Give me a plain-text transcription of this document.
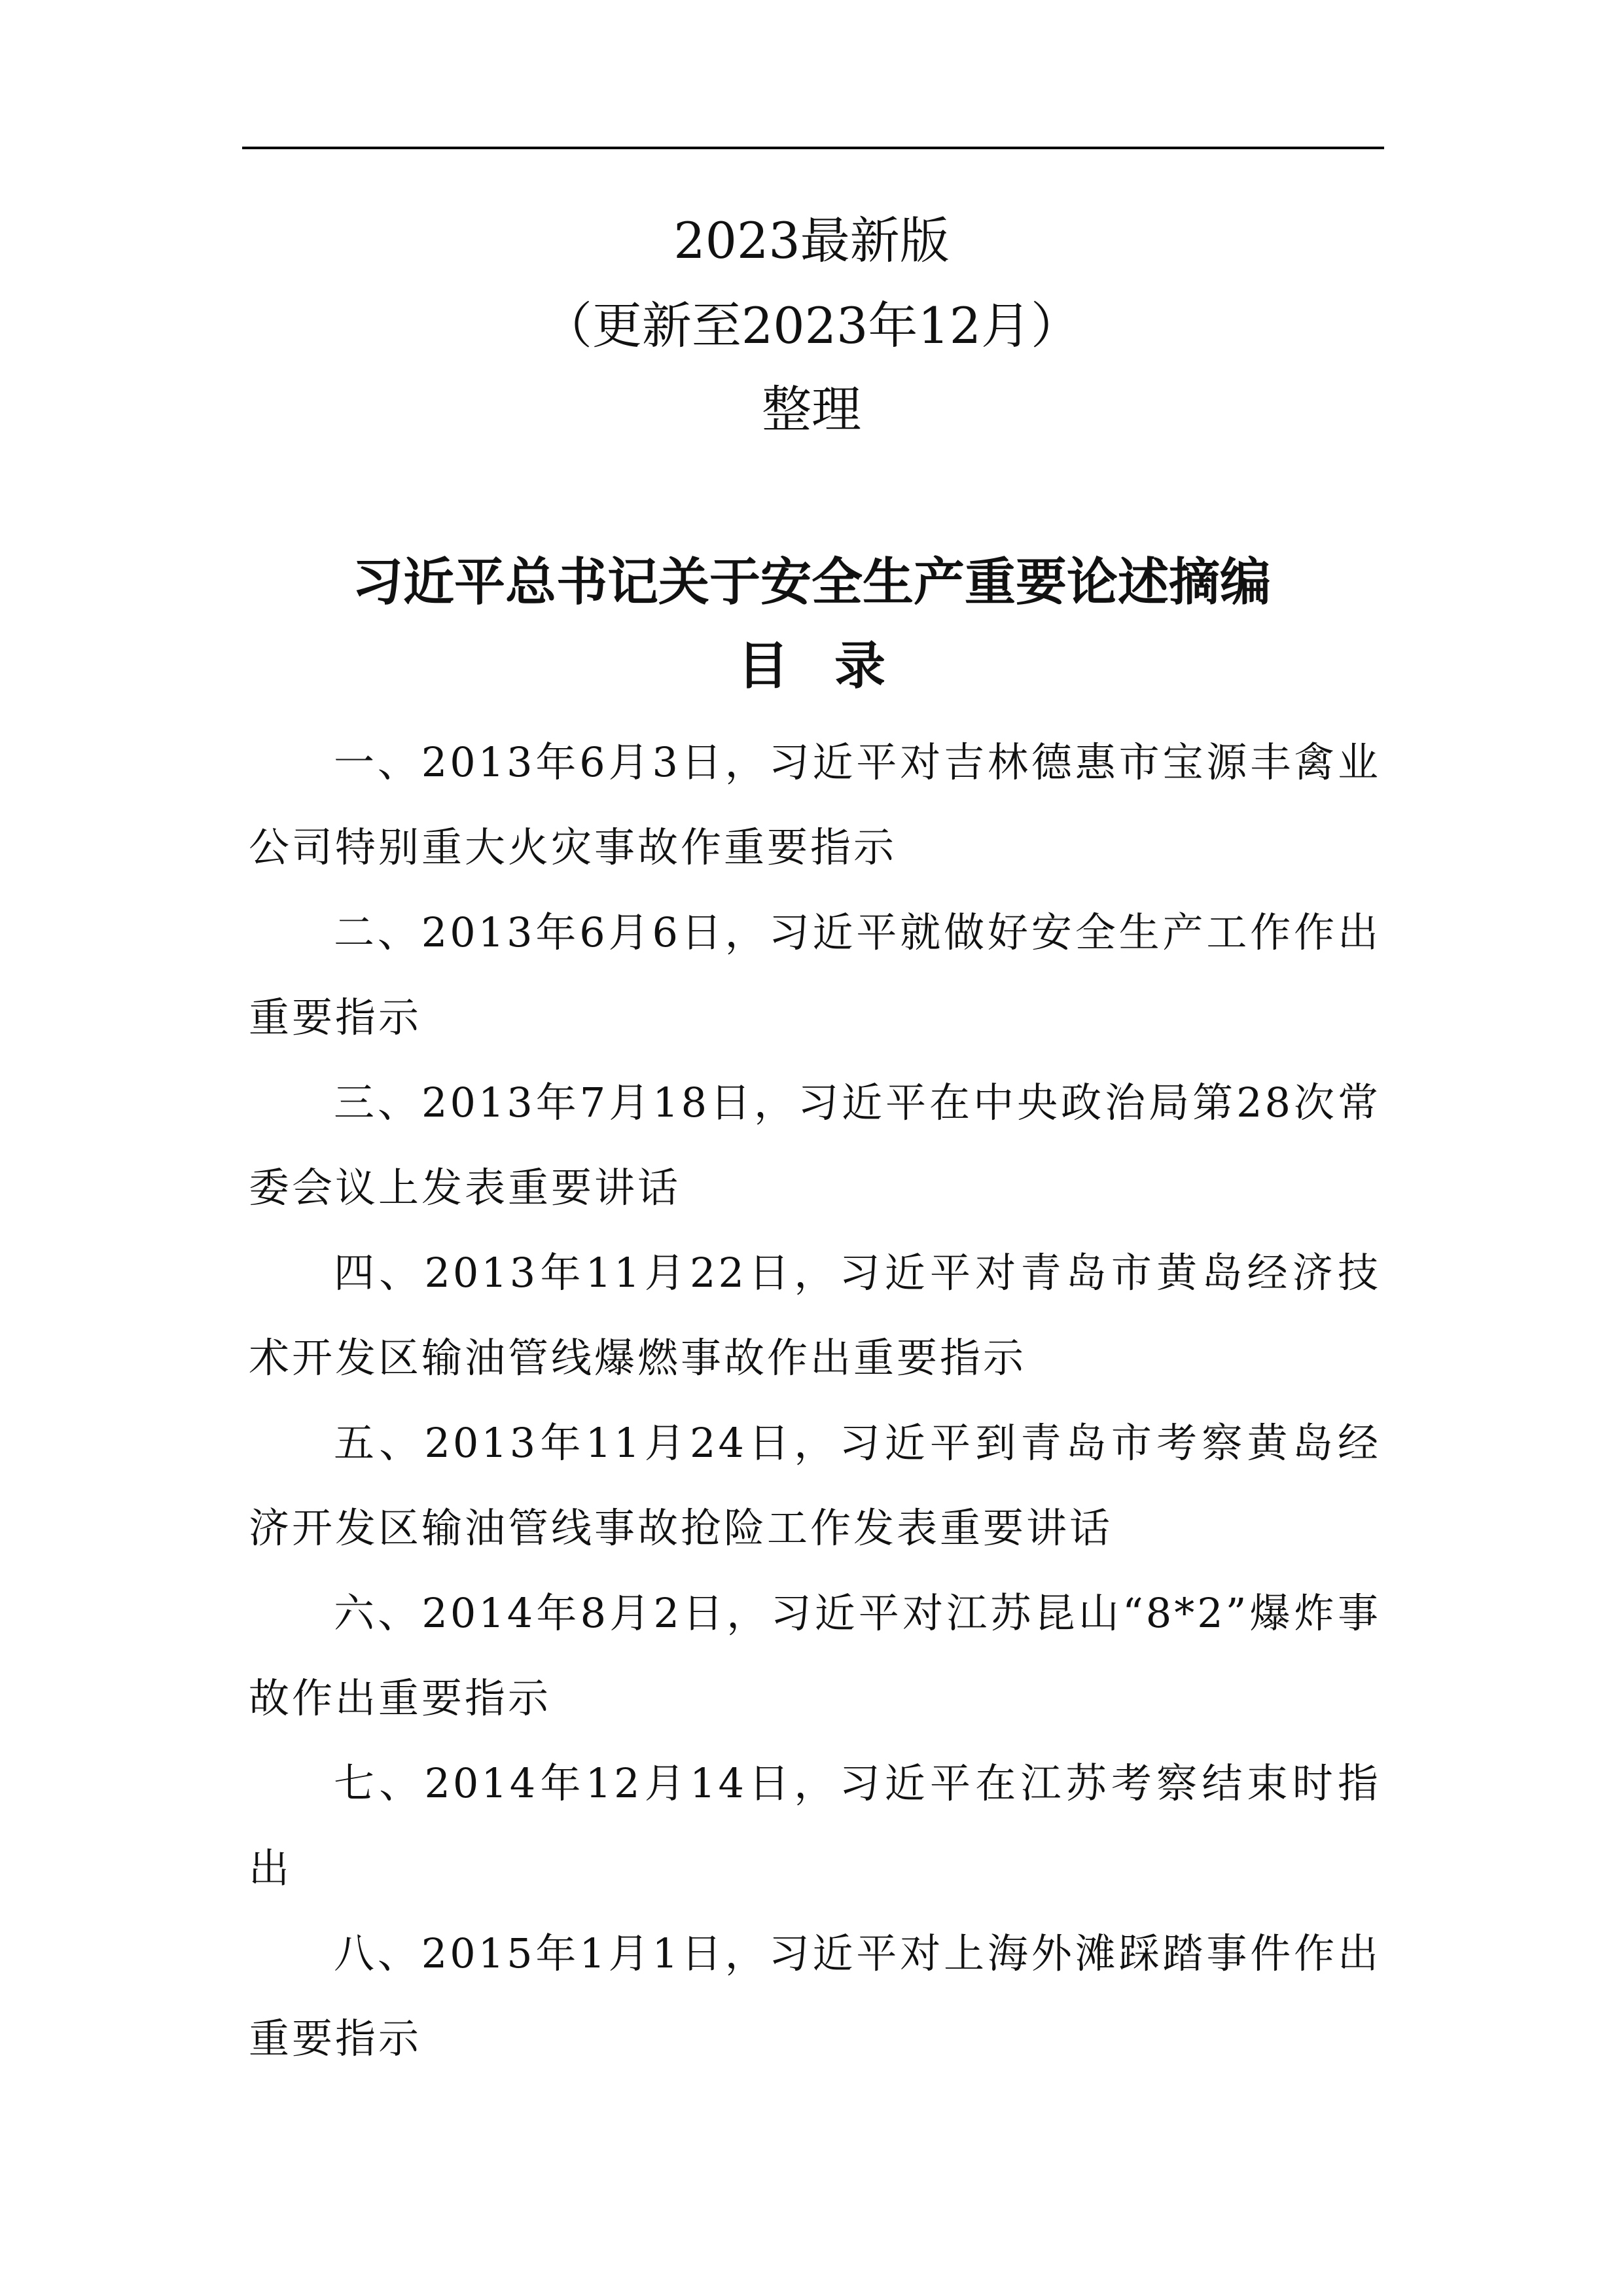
2023最新版
（更新至2023年12月）
整理
习近平总书记关于安全生产重要论述摘编
目录

一、2013年6月3日，习近平对吉林德惠市宝源丰禽业公司特别重大火灾事故作重要指示

二、2013年6月6日，习近平就做好安全生产工作作出重要指示

三、2013年7月18日，习近平在中央政治局第28次常委会议上发表重要讲话

四、2013年11月22日，习近平对青岛市黄岛经济技术开发区输油管线爆燃事故作出重要指示

五、2013年11月24日，习近平到青岛市考察黄岛经济开发区输油管线事故抢险工作发表重要讲话

六、2014年8月2日，习近平对江苏昆山“8*2”爆炸事故作出重要指示

七、2014年12月14日，习近平在江苏考察结束时指出

八、2015年1月1日，习近平对上海外滩踩踏事件作出重要指示
